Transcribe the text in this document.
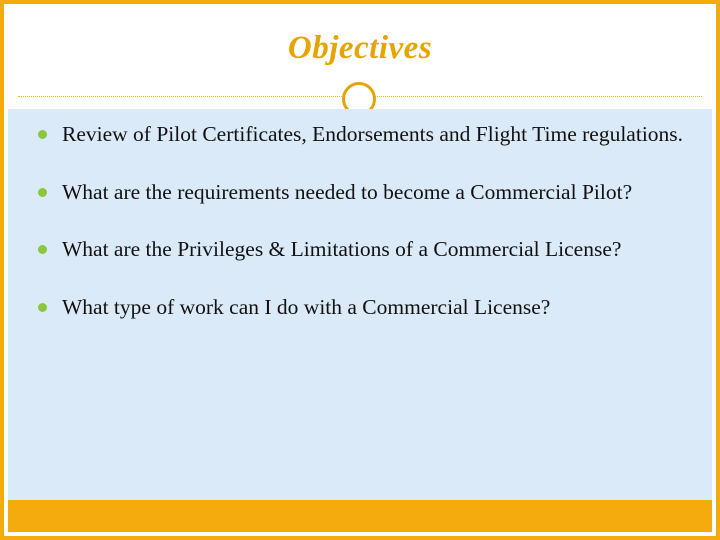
Objectives
Review of Pilot Certificates, Endorsements and Flight Time regulations.
What are the requirements needed to become a Commercial Pilot?
What are the Privileges & Limitations of a Commercial License?
What type of work can I do with a Commercial License?
